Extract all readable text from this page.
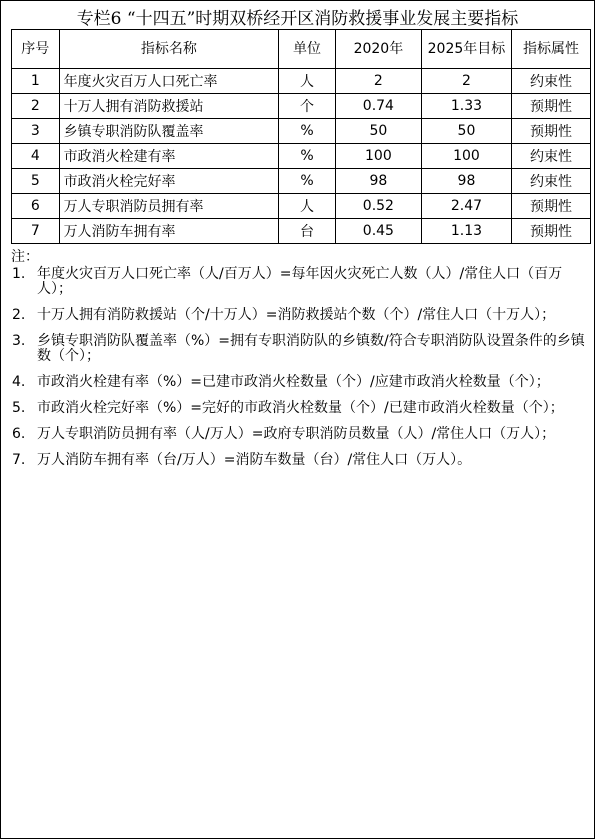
专栏6 “十四五”时期双桥经开区消防救援事业发展主要指标
序号	指标名称	单位	2020年	2025年目标	指标属性
1	年度火灾百万人口死亡率	人	2	2	约束性
2	十万人拥有消防救援站	个	0.74	1.33	预期性
3	乡镇专职消防队覆盖率	%	50	50	预期性
4	市政消火栓建有率	%	100	100	约束性
5	市政消火栓完好率	%	98	98	约束性
6	万人专职消防员拥有率	人	0.52	2.47	预期性
7	万人消防车拥有率	台	0.45	1.13	预期性
注：
1. 年度火灾百万人口死亡率（人/百万人）=每年因火灾死亡人数（人）/常住人口（百万人）；
2. 十万人拥有消防救援站（个/十万人）=消防救援站个数（个）/常住人口（十万人）；
3. 乡镇专职消防队覆盖率（%）=拥有专职消防队的乡镇数/符合专职消防队设置条件的乡镇数（个）；
4. 市政消火栓建有率（%）=已建市政消火栓数量（个）/应建市政消火栓数量（个）；
5. 市政消火栓完好率（%）=完好的市政消火栓数量（个）/已建市政消火栓数量（个）；
6. 万人专职消防员拥有率（人/万人）=政府专职消防员数量（人）/常住人口（万人）；
7. 万人消防车拥有率（台/万人）=消防车数量（台）/常住人口（万人）。
